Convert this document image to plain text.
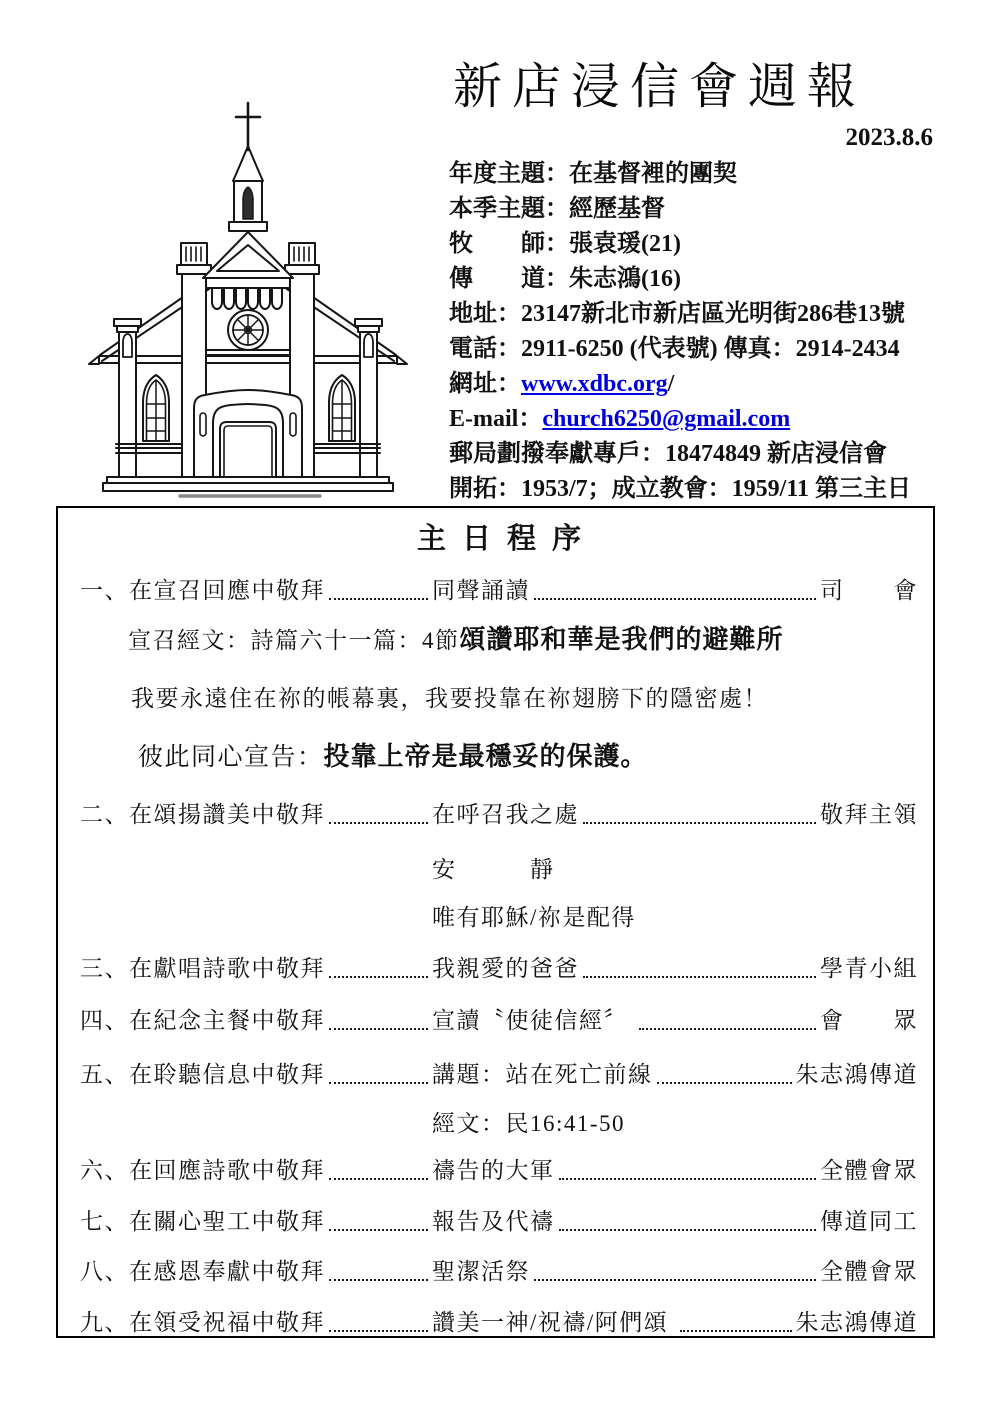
新店浸信會週報
2023.8.6
年度主題：在基督裡的團契
本季主題：經歷基督
牧　　師：張袁瑗(21)
傳　　道：朱志鴻(16)
地址：23147新北市新店區光明街286巷13號
電話：2911-6250 (代表號) 傳真：2914-2434
網址：www.xdbc.org/
E-mail：church6250@gmail.com
郵局劃撥奉獻專戶：18474849 新店浸信會
開拓：1953/7；成立教會：1959/11 第三主日
主日程序
一、在宣召回應中敬拜	同聲誦讀	司　　會
宣召經文：詩篇六十一篇：4節頌讚耶和華是我們的避難所
我要永遠住在祢的帳幕裏，我要投靠在祢翅膀下的隱密處！
彼此同心宣告：投靠上帝是最穩妥的保護。
二、在頌揚讚美中敬拜	在呼召我之處	敬拜主領
安　　　靜
唯有耶穌/祢是配得
三、在獻唱詩歌中敬拜	我親愛的爸爸	學青小組
四、在紀念主餐中敬拜	宣讀〝使徒信經〞	會　　眾
五、在聆聽信息中敬拜	講題：站在死亡前線	朱志鴻傳道
經文：民16:41-50
六、在回應詩歌中敬拜	禱告的大軍	全體會眾
七、在關心聖工中敬拜	報告及代禱	傳道同工
八、在感恩奉獻中敬拜	聖潔活祭	全體會眾
九、在領受祝福中敬拜	讚美一神/祝禱/阿們頌	朱志鴻傳道
